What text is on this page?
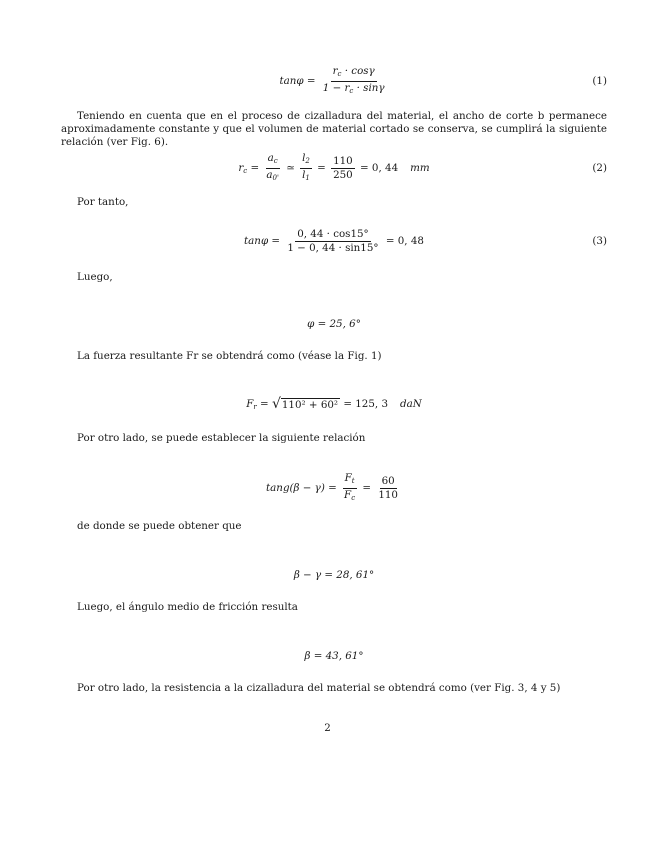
$\tan\varphi = \frac{r_c \cdot \cos\gamma}{1 - r_c \cdot \sin\gamma}$	(1)

Teniendo en cuenta que en el proceso de cizalladura del material, el ancho de corte b permanece aproximadamente constante y que el volumen de material cortado se conserva, se cumplirá la siguiente relación (ver Fig. 6).

$r_c = \frac{a_c}{a_{0'}}$
≃
$\frac{l_2}{l_1} = \frac{110}{250}$
= 0, 44 mm	(2)

Por tanto,

$\tan\varphi = \frac{0, 44 \cdot \cos 15^\circ}{1 - 0, 44 \cdot \sin 15^\circ}$
= 0, 48	(3)

Luego,

φ = 25, 6°

La fuerza resultante Fr se obtendrá como (véase la Fig. 1)

$F_r$ = √ 110² + 60²
= 125, 3 daN

Por otro lado, se puede establecer la siguiente relación

$\tan g(\beta - \gamma) = \frac{F_t}{F_c} = \frac{60}{110}$

de donde se puede obtener que

β − γ = 28, 61°

Luego, el ángulo medio de fricción resulta

β = 43, 61°

Por otro lado, la resistencia a la cizalladura del material se obtendrá como (ver Fig. 3, 4 y 5)

2
